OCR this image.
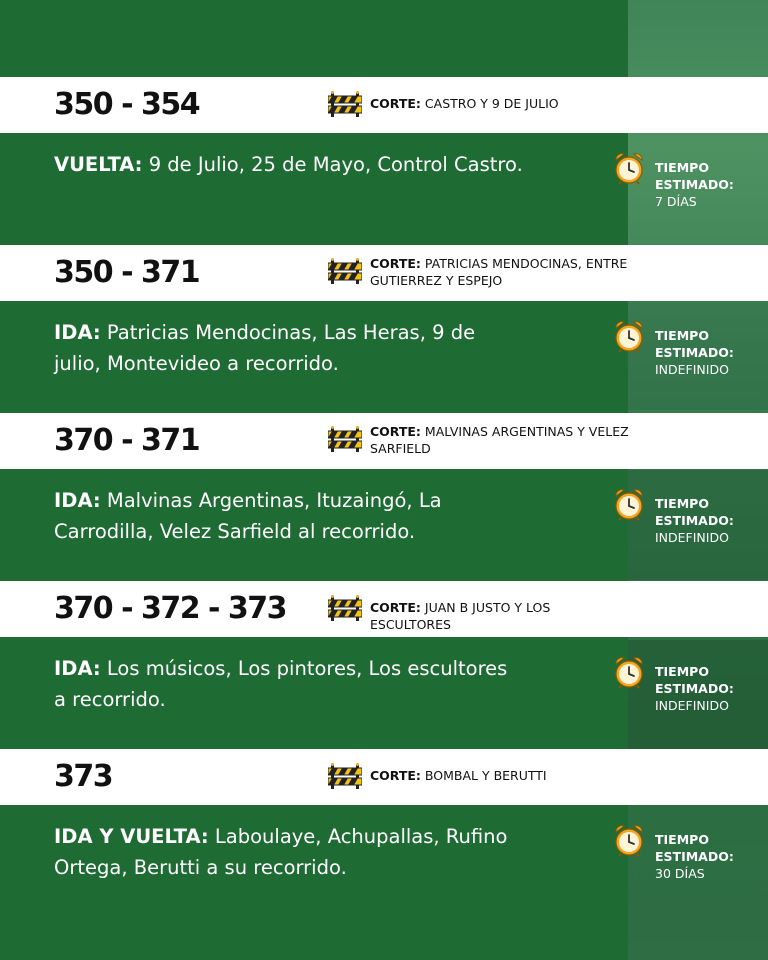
350 - 354	CORTE: CASTRO Y 9 DE JULIO
VUELTA: 9 de Julio, 25 de Mayo, Control Castro.	TIEMPO
ESTIMADO:
7 DÍAS
350 - 371	CORTE: PATRICIAS MENDOCINAS, ENTRE GUTIERREZ Y ESPEJO
IDA: Patricias Mendocinas, Las Heras, 9 de julio, Montevideo a recorrido.
TIEMPO
ESTIMADO:
INDEFINIDO
370 - 371	CORTE: MALVINAS ARGENTINAS Y VELEZ SARFIELD
IDA: Malvinas Argentinas, Ituzaingó, La Carrodilla, Velez Sarfield al recorrido.
TIEMPO
ESTIMADO:
INDEFINIDO
370 - 372 - 373	CORTE: JUAN B JUSTO Y LOS ESCULTORES
IDA: Los músicos, Los pintores, Los escultores a recorrido.
TIEMPO
ESTIMADO:
INDEFINIDO
373	CORTE: BOMBAL Y BERUTTI
IDA Y VUELTA: Laboulaye, Achupallas, Rufino Ortega, Berutti a su recorrido.
TIEMPO
ESTIMADO:
30 DÍAS
